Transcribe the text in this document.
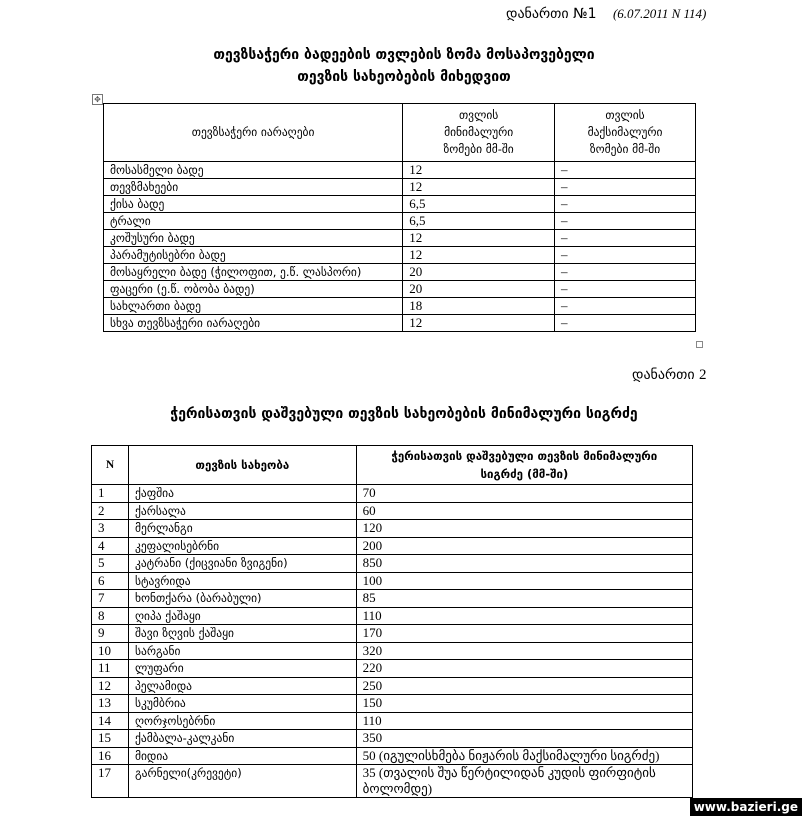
დანართი №1 (6.07.2011 N 114)
თევზსაჭერი ბადეების თვლების ზომა მოსაპოვებელი
თევზის სახეობების მიხედვით
✥
თევზსაჭერი იარაღები	თვლის მინიმალური ზომები მმ-ში	თვლის მაქსიმალური ზომები მმ-ში
მოსასმელი ბადე	12	–
თევზმახეები	12	–
ქისა ბადე	6,5	–
ტრალი	6,5	–
კოშუსური ბადე	12	–
პარამუტისებრი ბადე	12	–
მოსაყრელი ბადე (ჭილოფით, ე.წ. ლასპორი)	20	–
ფაცერი (ე.წ. ობობა ბადე)	20	–
სახლართი ბადე	18	–
სხვა თევზსაჭერი იარაღები	12	–
დანართი 2
ჭერისათვის დაშვებული თევზის სახეობების მინიმალური სიგრძე
N	თევზის სახეობა	ჭერისათვის დაშვებული თევზის მინიმალური სიგრძე (მმ-ში)
1	ქაფშია	70
2	ქარსალა	60
3	მერლანგი	120
4	კეფალისებრნი	200
5	კატრანი (ქიცვიანი ზვიგენი)	850
6	სტავრიდა	100
7	ხონთქარა (ბარაბული)	85
8	ღიპა ქაშაყი	110
9	შავი ზღვის ქაშაყი	170
10	სარგანი	320
11	ლუფარი	220
12	პელამიდა	250
13	სკუმბრია	150
14	ღორჯოსებრნი	110
15	ქამბალა-კალკანი	350
16	მიდია	50 (იგულისხმება ნიჟარის მაქსიმალური სიგრძე)
17	გარნელი(კრევეტი)	35 (თვალის შუა წერტილიდან კუდის ფირფიტის ბოლომდე)
www.bazieri.ge
